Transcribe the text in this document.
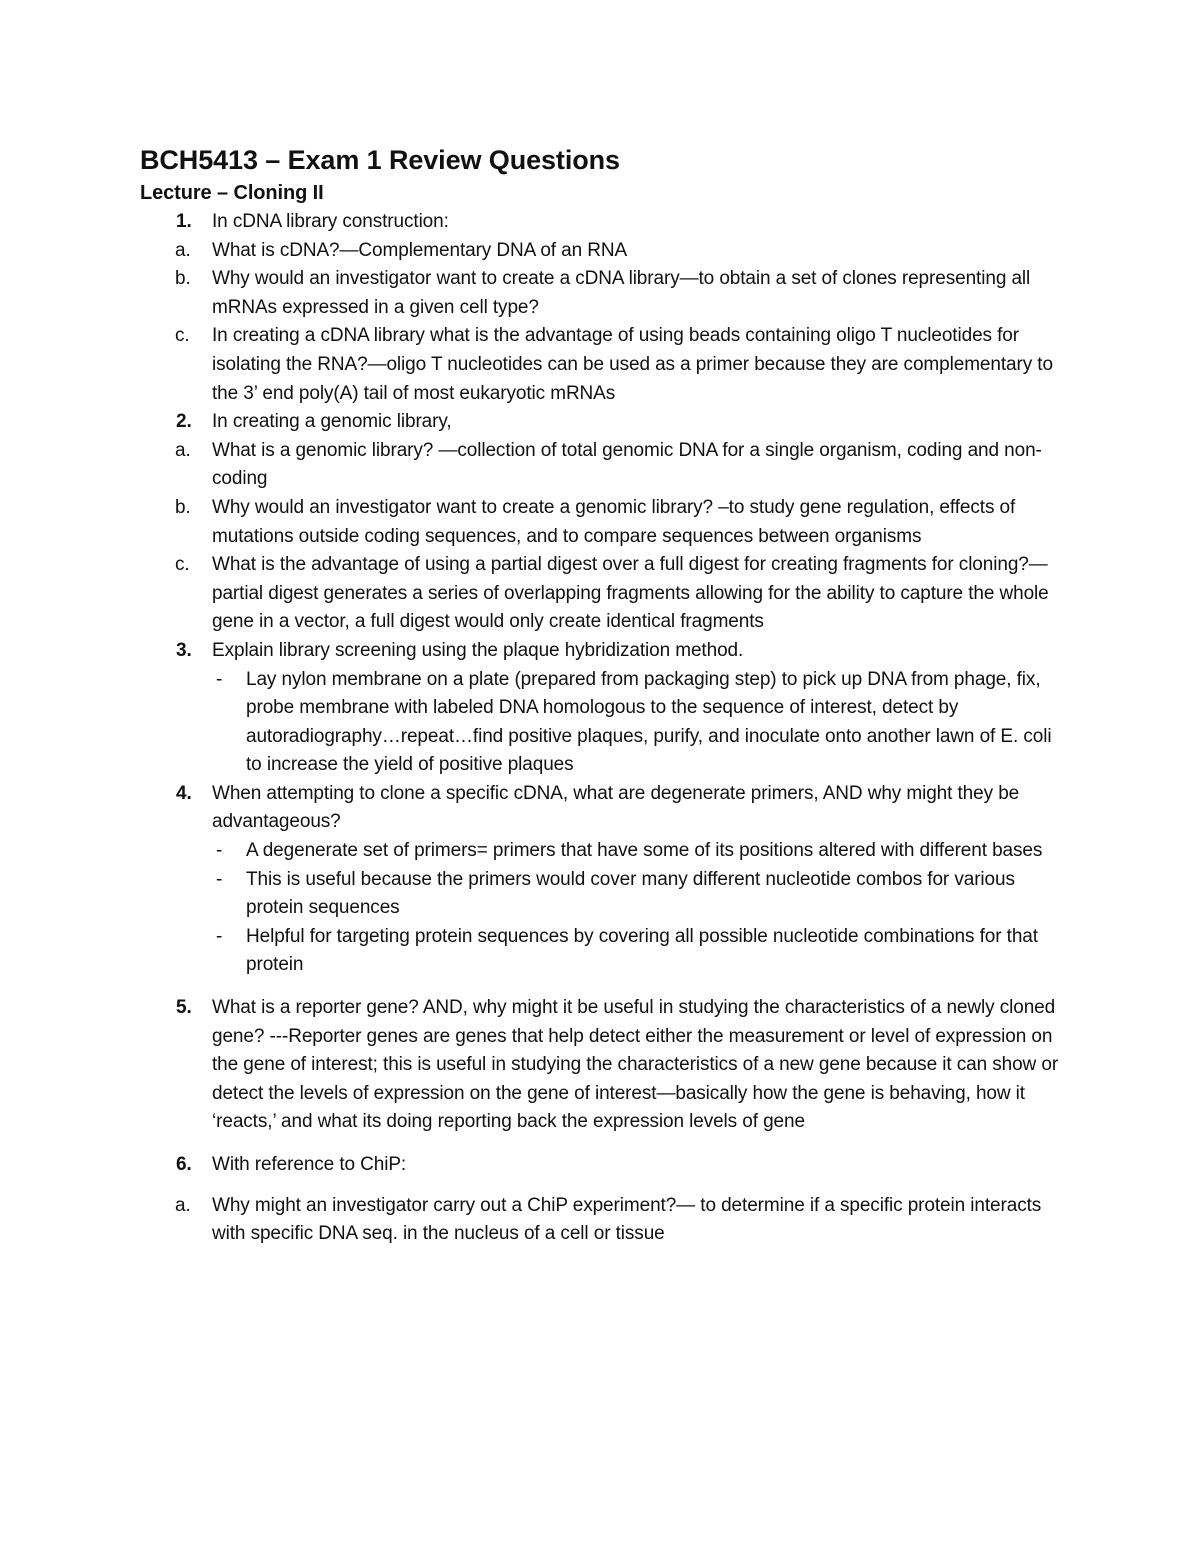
BCH5413 – Exam 1 Review Questions
Lecture – Cloning II
1. In cDNA library construction:
a. What is cDNA?—Complementary DNA of an RNA
b. Why would an investigator want to create a cDNA library—to obtain a set of clones representing all mRNAs expressed in a given cell type?
c. In creating a cDNA library what is the advantage of using beads containing oligo T nucleotides for isolating the RNA?—oligo T nucleotides can be used as a primer because they are complementary to the 3’ end poly(A) tail of most eukaryotic mRNAs
2. In creating a genomic library,
a. What is a genomic library? —collection of total genomic DNA for a single organism, coding and non-coding
b. Why would an investigator want to create a genomic library? –to study gene regulation, effects of mutations outside coding sequences, and to compare sequences between organisms
c. What is the advantage of using a partial digest over a full digest for creating fragments for cloning?—partial digest generates a series of overlapping fragments allowing for the ability to capture the whole gene in a vector, a full digest would only create identical fragments
3. Explain library screening using the plaque hybridization method.
- Lay nylon membrane on a plate (prepared from packaging step) to pick up DNA from phage, fix, probe membrane with labeled DNA homologous to the sequence of interest, detect by autoradiography…repeat…find positive plaques, purify, and inoculate onto another lawn of E. coli to increase the yield of positive plaques
4. When attempting to clone a specific cDNA, what are degenerate primers, AND why might they be advantageous?
- A degenerate set of primers= primers that have some of its positions altered with different bases
- This is useful because the primers would cover many different nucleotide combos for various protein sequences
- Helpful for targeting protein sequences by covering all possible nucleotide combinations for that protein
5. What is a reporter gene? AND, why might it be useful in studying the characteristics of a newly cloned gene? ---Reporter genes are genes that help detect either the measurement or level of expression on the gene of interest; this is useful in studying the characteristics of a new gene because it can show or detect the levels of expression on the gene of interest—basically how the gene is behaving, how it ‘reacts,’ and what its doing reporting back the expression levels of gene
6. With reference to ChiP:
a. Why might an investigator carry out a ChiP experiment?— to determine if a specific protein interacts with specific DNA seq. in the nucleus of a cell or tissue
